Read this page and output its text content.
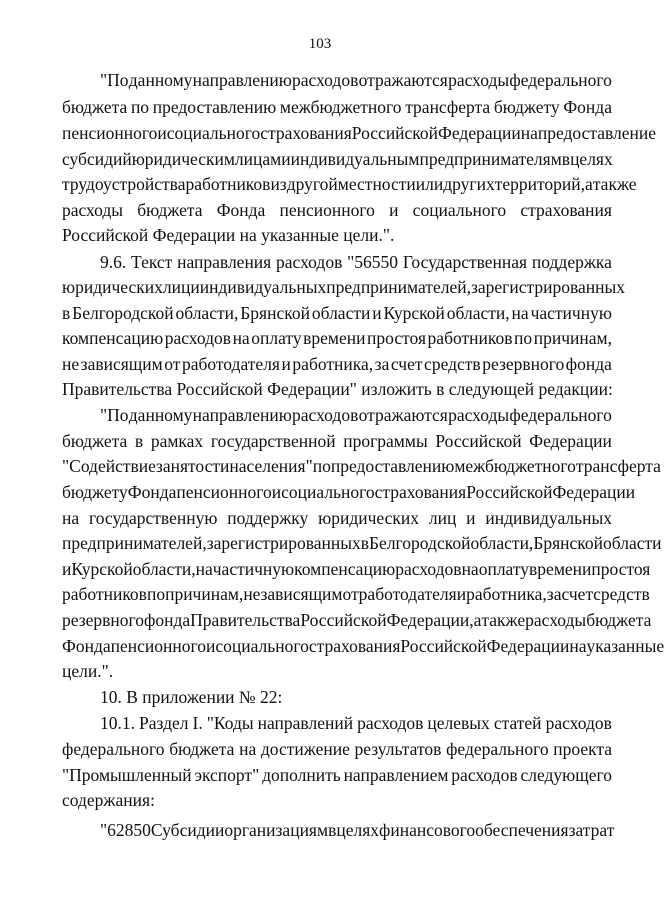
103
"По данному направлению расходов отражаются расходы федерального
бюджета по предоставлению межбюджетного трансферта бюджету Фонда
пенсионного и социального страхования Российской Федерации на предоставление
субсидий юридическим лицам и индивидуальным предпринимателям в целях
трудоустройства работников из другой местности или других территорий, а также
расходы бюджета Фонда пенсионного и социального страхования
Российской Федерации на указанные цели.".
9.6. Текст направления расходов "56550 Государственная поддержка
юридических лиц и индивидуальных предпринимателей, зарегистрированных
в Белгородской области, Брянской области и Курской области, на частичную
компенсацию расходов на оплату времени простоя работников по причинам,
не зависящим от работодателя и работника, за счет средств резервного фонда
Правительства Российской Федерации" изложить в следующей редакции:
"По данному направлению расходов отражаются расходы федерального
бюджета в рамках государственной программы Российской Федерации
"Содействие занятости населения" по предоставлению межбюджетного трансферта
бюджету Фонда пенсионного и социального страхования Российской Федерации
на государственную поддержку юридических лиц и индивидуальных
предпринимателей, зарегистрированных в Белгородской области, Брянской области
и Курской области, на частичную компенсацию расходов на оплату времени простоя
работников по причинам, не зависящим от работодателя и работника, за счет средств
резервного фонда Правительства Российской Федерации, а также расходы бюджета
Фонда пенсионного и социального страхования Российской Федерации на указанные
цели.".
10. В приложении № 22:
10.1. Раздел I. "Коды направлений расходов целевых статей расходов
федерального бюджета на достижение результатов федерального проекта
"Промышленный экспорт" дополнить направлением расходов следующего
содержания:
"62850 Субсидии организациям в целях финансового обеспечения затрат
